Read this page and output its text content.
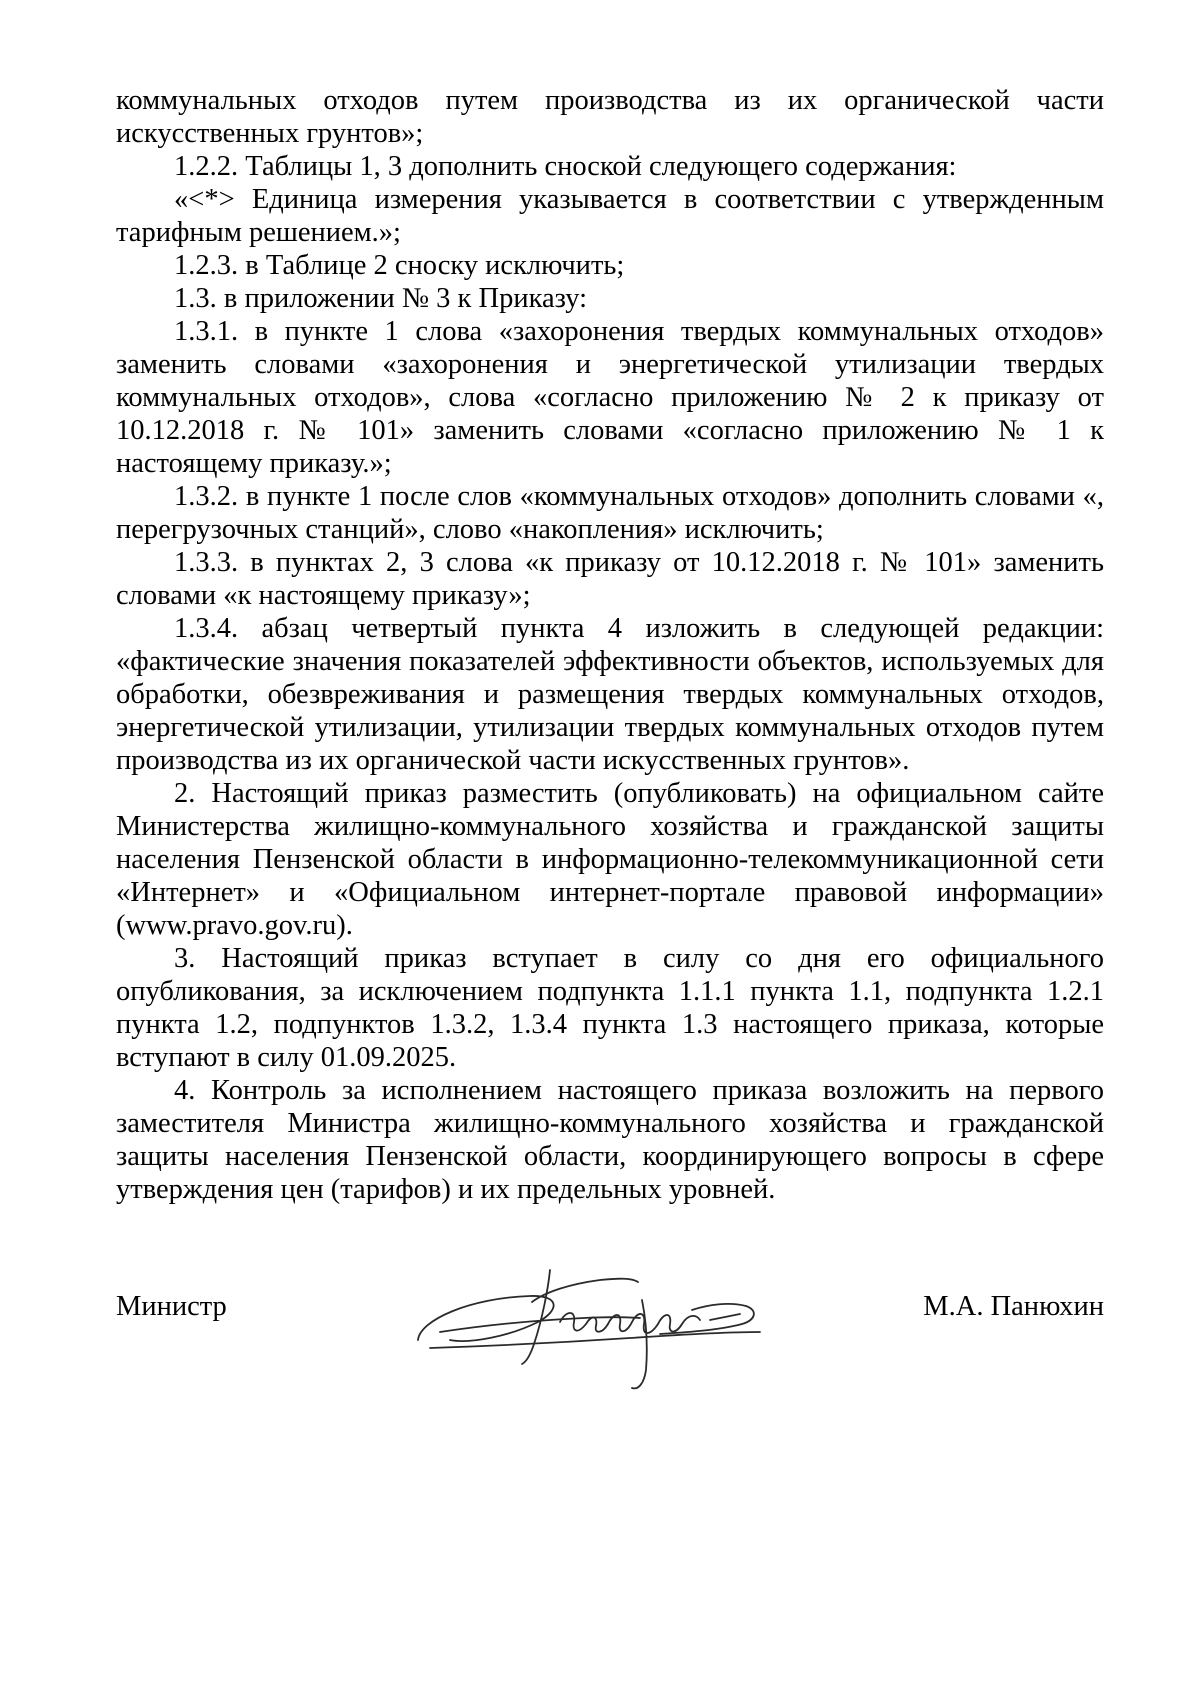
коммунальных отходов путем производства из их органической части искусственных грунтов»;

1.2.2. Таблицы 1, 3 дополнить сноской следующего содержания:

«<*> Единица измерения указывается в соответствии с утвержденным тарифным решением.»;

1.2.3. в Таблице 2 сноску исключить;

1.3. в приложении № 3 к Приказу:

1.3.1. в пункте 1 слова «захоронения твердых коммунальных отходов» заменить словами «захоронения и энергетической утилизации твердых коммунальных отходов», слова «согласно приложению № 2 к приказу от 10.12.2018 г. № 101» заменить словами «согласно приложению № 1 к настоящему приказу.»;

1.3.2. в пункте 1 после слов «коммунальных отходов» дополнить словами «, перегрузочных станций», слово «накопления» исключить;

1.3.3. в пунктах 2, 3 слова «к приказу от 10.12.2018 г. № 101» заменить словами «к настоящему приказу»;

1.3.4. абзац четвертый пункта 4 изложить в следующей редакции: «фактические значения показателей эффективности объектов, используемых для обработки, обезвреживания и размещения твердых коммунальных отходов, энергетической утилизации, утилизации твердых коммунальных отходов путем производства из их органической части искусственных грунтов».

2. Настоящий приказ разместить (опубликовать) на официальном сайте Министерства жилищно-коммунального хозяйства и гражданской защиты населения Пензенской области в информационно-телекоммуникационной сети «Интернет» и «Официальном интернет-портале правовой информации» (www.pravo.gov.ru).

3. Настоящий приказ вступает в силу со дня его официального опубликования, за исключением подпункта 1.1.1 пункта 1.1, подпункта 1.2.1 пункта 1.2, подпунктов 1.3.2, 1.3.4 пункта 1.3 настоящего приказа, которые вступают в силу 01.09.2025.

4. Контроль за исполнением настоящего приказа возложить на первого заместителя Министра жилищно-коммунального хозяйства и гражданской защиты населения Пензенской области, координирующего вопросы в сфере утверждения цен (тарифов) и их предельных уровней.

Министр	М.А. Панюхин
